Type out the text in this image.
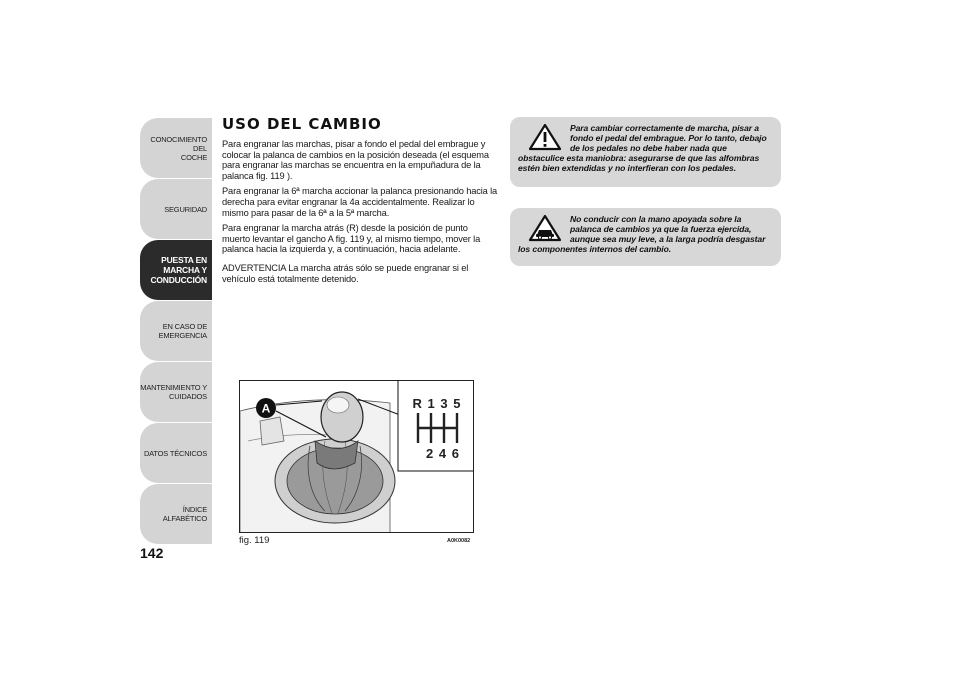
CONOCIMIENTO DEL
COCHE
SEGURIDAD
PUESTA EN
MARCHA Y
CONDUCCIÓN
EN CASO DE
EMERGENCIA
MANTENIMIENTO Y
CUIDADOS
DATOS TÉCNICOS
ÍNDICE ALFABÉTICO
142
USO DEL CAMBIO

Para engranar las marchas, pisar a fondo el pedal del embrague y colocar la palanca de cambios en la posición deseada (el esquema para engranar las marchas se encuentra en la empuñadura de la palanca fig. 119 ).

Para engranar la 6ª marcha accionar la palanca presionando hacia la derecha para evitar engranar la 4a accidentalmente. Realizar lo mismo para pasar de la 6ª a la 5ª marcha.

Para engranar la marcha atrás (R) desde la posición de punto muerto levantar el gancho A fig. 119 y, al mismo tiempo, mover la palanca hacia la izquierda y, a continuación, hacia adelante.

ADVERTENCIA La marcha atrás sólo se puede engranar si el vehículo está totalmente detenido.

Para cambiar correctamente de marcha, pisar a fondo el pedal del embrague. Por lo tanto, debajo de los pedales no debe haber nada que obstaculice esta maniobra: asegurarse de que las alfombras estén bien extendidas y no interfieran con los pedales.
No conducir con la mano apoyada sobre la palanca de cambios ya que la fuerza ejercida, aunque sea muy leve, a la larga podría desgastar los componentes internos del cambio.
A	R 1 3 5
2 4 6
fig. 119	A0K0082
